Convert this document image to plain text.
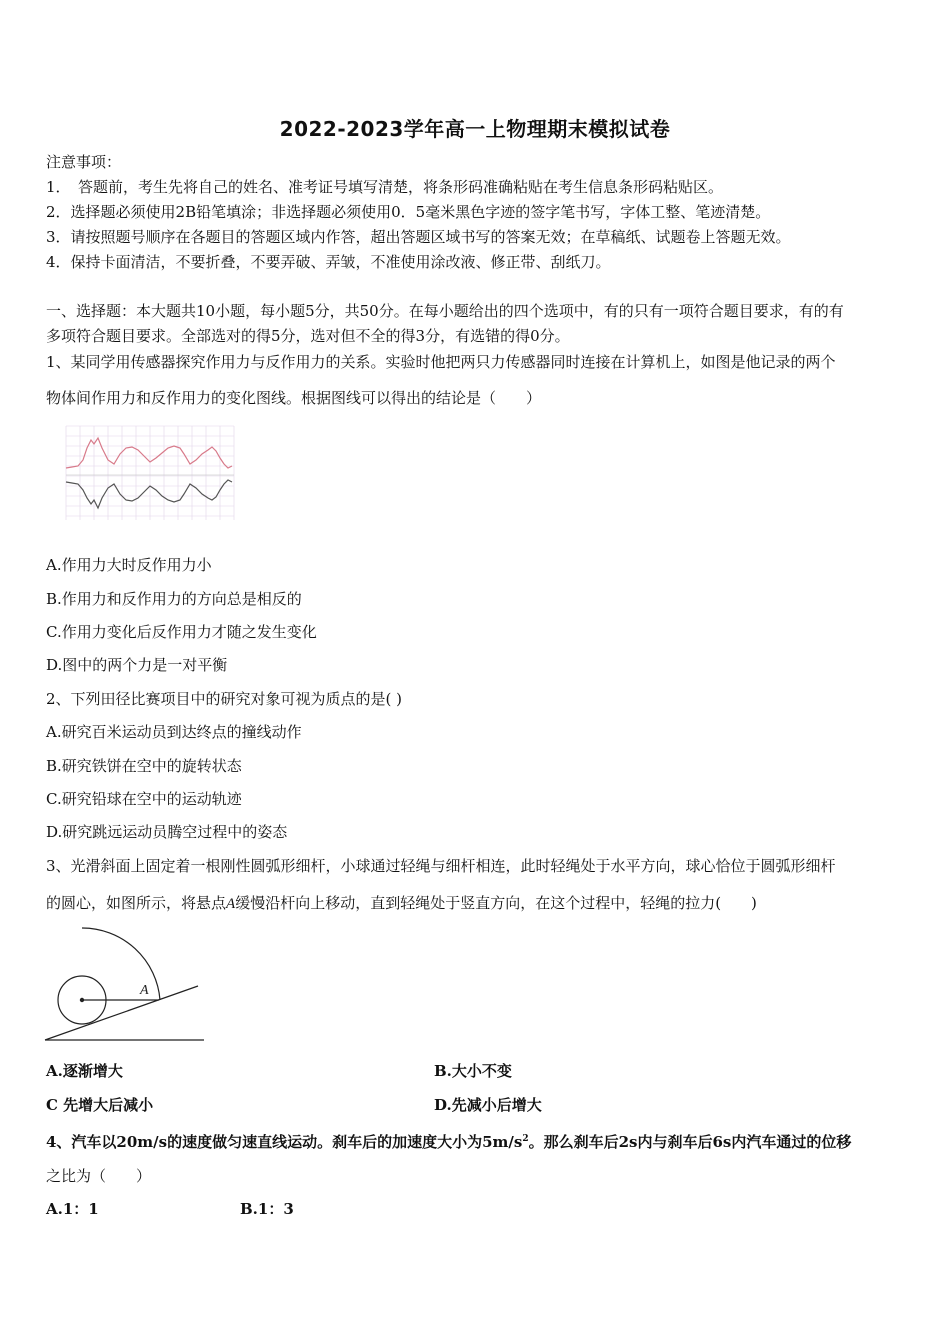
2022-2023学年高一上物理期末模拟试卷
注意事项：
1．　答题前，考生先将自己的姓名、准考证号填写清楚，将条形码准确粘贴在考生信息条形码粘贴区。
2．选择题必须使用2B铅笔填涂；非选择题必须使用0．5毫米黑色字迹的签字笔书写，字体工整、笔迹清楚。
3．请按照题号顺序在各题目的答题区域内作答，超出答题区域书写的答案无效；在草稿纸、试题卷上答题无效。
4．保持卡面清洁，不要折叠，不要弄破、弄皱，不准使用涂改液、修正带、刮纸刀。
一、选择题：本大题共10小题，每小题5分，共50分。在每小题给出的四个选项中，有的只有一项符合题目要求，有的有
多项符合题目要求。全部选对的得5分，选对但不全的得3分，有选错的得0分。
1、某同学用传感器探究作用力与反作用力的关系。实验时他把两只力传感器同时连接在计算机上，如图是他记录的两个
物体间作用力和反作用力的变化图线。根据图线可以得出的结论是（　　）
A.作用力大时反作用力小
B.作用力和反作用力的方向总是相反的
C.作用力变化后反作用力才随之发生变化
D.图中的两个力是一对平衡
2、下列田径比赛项目中的研究对象可视为质点的是( )
A.研究百米运动员到达终点的撞线动作
B.研究铁饼在空中的旋转状态
C.研究铅球在空中的运动轨迹
D.研究跳远运动员腾空过程中的姿态
3、光滑斜面上固定着一根刚性圆弧形细杆，小球通过轻绳与细杆相连，此时轻绳处于水平方向，球心恰位于圆弧形细杆
的圆心，如图所示，将悬点A缓慢沿杆向上移动，直到轻绳处于竖直方向，在这个过程中，轻绳的拉力(　　)
A
A.逐渐增大	B.大小不变
C 先增大后减小	D.先减小后增大
4、汽车以20m/s的速度做匀速直线运动。刹车后的加速度大小为$5m/s^2$。那么刹车后2s内与刹车后6s内汽车通过的位移
之比为（　　）
A.1：1	B.1：3
